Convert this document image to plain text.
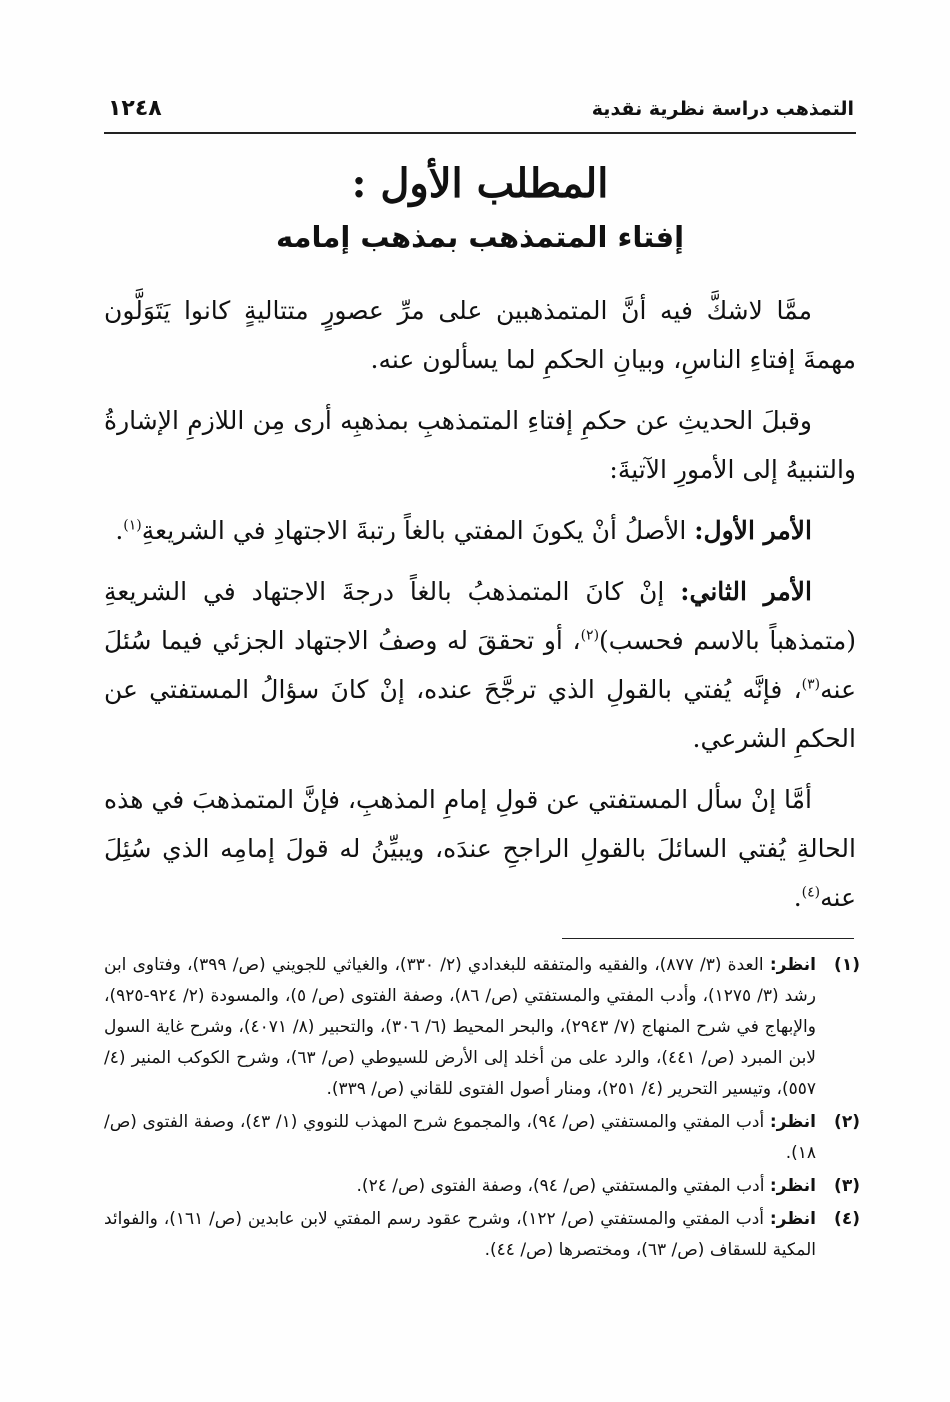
١٢٤٨	التمذهب دراسة نظرية نقدية
المطلب الأول :
إفتاء المتمذهب بمذهب إمامه

ممَّا لاشكَّ فيه أنَّ المتمذهبين على مرِّ عصورٍ متتاليةٍ كانوا يَتَوَلَّون مهمةَ إفتاءِ الناسِ، وبيانِ الحكمِ لما يسألون عنه.

وقبلَ الحديثِ عن حكمِ إفتاءِ المتمذهبِ بمذهبِه أرى مِن اللازمِ الإشارةُ والتنبيهُ إلى الأمورِ الآتيةَ:

الأمر الأول: الأصلُ أنْ يكونَ المفتي بالغاً رتبةَ الاجتهادِ في الشريعةِ$^{(١)}$.

الأمر الثاني: إنْ كانَ المتمذهبُ بالغاً درجةَ الاجتهاد في الشريعةِ (متمذهباً بالاسم فحسب)$^{(٢)}$، أو تحققَ له وصفُ الاجتهاد الجزئي فيما سُئلَ عنه$^{(٣)}$، فإنَّه يُفتي بالقولِ الذي ترجَّحَ عنده، إنْ كانَ سؤالُ المستفتي عن الحكمِ الشرعي.

أمَّا إنْ سأل المستفتي عن قولِ إمامِ المذهبِ، فإنَّ المتمذهبَ في هذه الحالةِ يُفتي السائلَ بالقولِ الراجحِ عندَه، ويبيِّنُ له قولَ إمامِه الذي سُئِلَ عنه$^{(٤)}$.

(١)
انظر: العدة (٣/ ٨٧٧)، والفقيه والمتفقه للبغدادي (٢/ ٣٣٠)، والغياثي للجويني (ص/ ٣٩٩)، وفتاوى ابن رشد (٣/ ١٢٧٥)، وأدب المفتي والمستفتي (ص/ ٨٦)، وصفة الفتوى (ص/ ٥)، والمسودة (٢/ ٩٢٤-٩٢٥)، والإبهاج في شرح المنهاج (٧/ ٢٩٤٣)، والبحر المحيط (٦/ ٣٠٦)، والتحبير (٨/ ٤٠٧١)، وشرح غاية السول لابن المبرد (ص/ ٤٤١)، والرد على من أخلد إلى الأرض للسيوطي (ص/ ٦٣)، وشرح الكوكب المنير (٤/ ٥٥٧)، وتيسير التحرير (٤/ ٢٥١)، ومنار أصول الفتوى للقاني (ص/ ٣٣٩).
(٢)
انظر: أدب المفتي والمستفتي (ص/ ٩٤)، والمجموع شرح المهذب للنووي (١/ ٤٣)، وصفة الفتوى (ص/ ١٨).
(٣)
انظر: أدب المفتي والمستفتي (ص/ ٩٤)، وصفة الفتوى (ص/ ٢٤).
(٤)
انظر: أدب المفتي والمستفتي (ص/ ١٢٢)، وشرح عقود رسم المفتي لابن عابدين (ص/ ١٦١)، والفوائد المكية للسقاف (ص/ ٦٣)، ومختصرها (ص/ ٤٤).
